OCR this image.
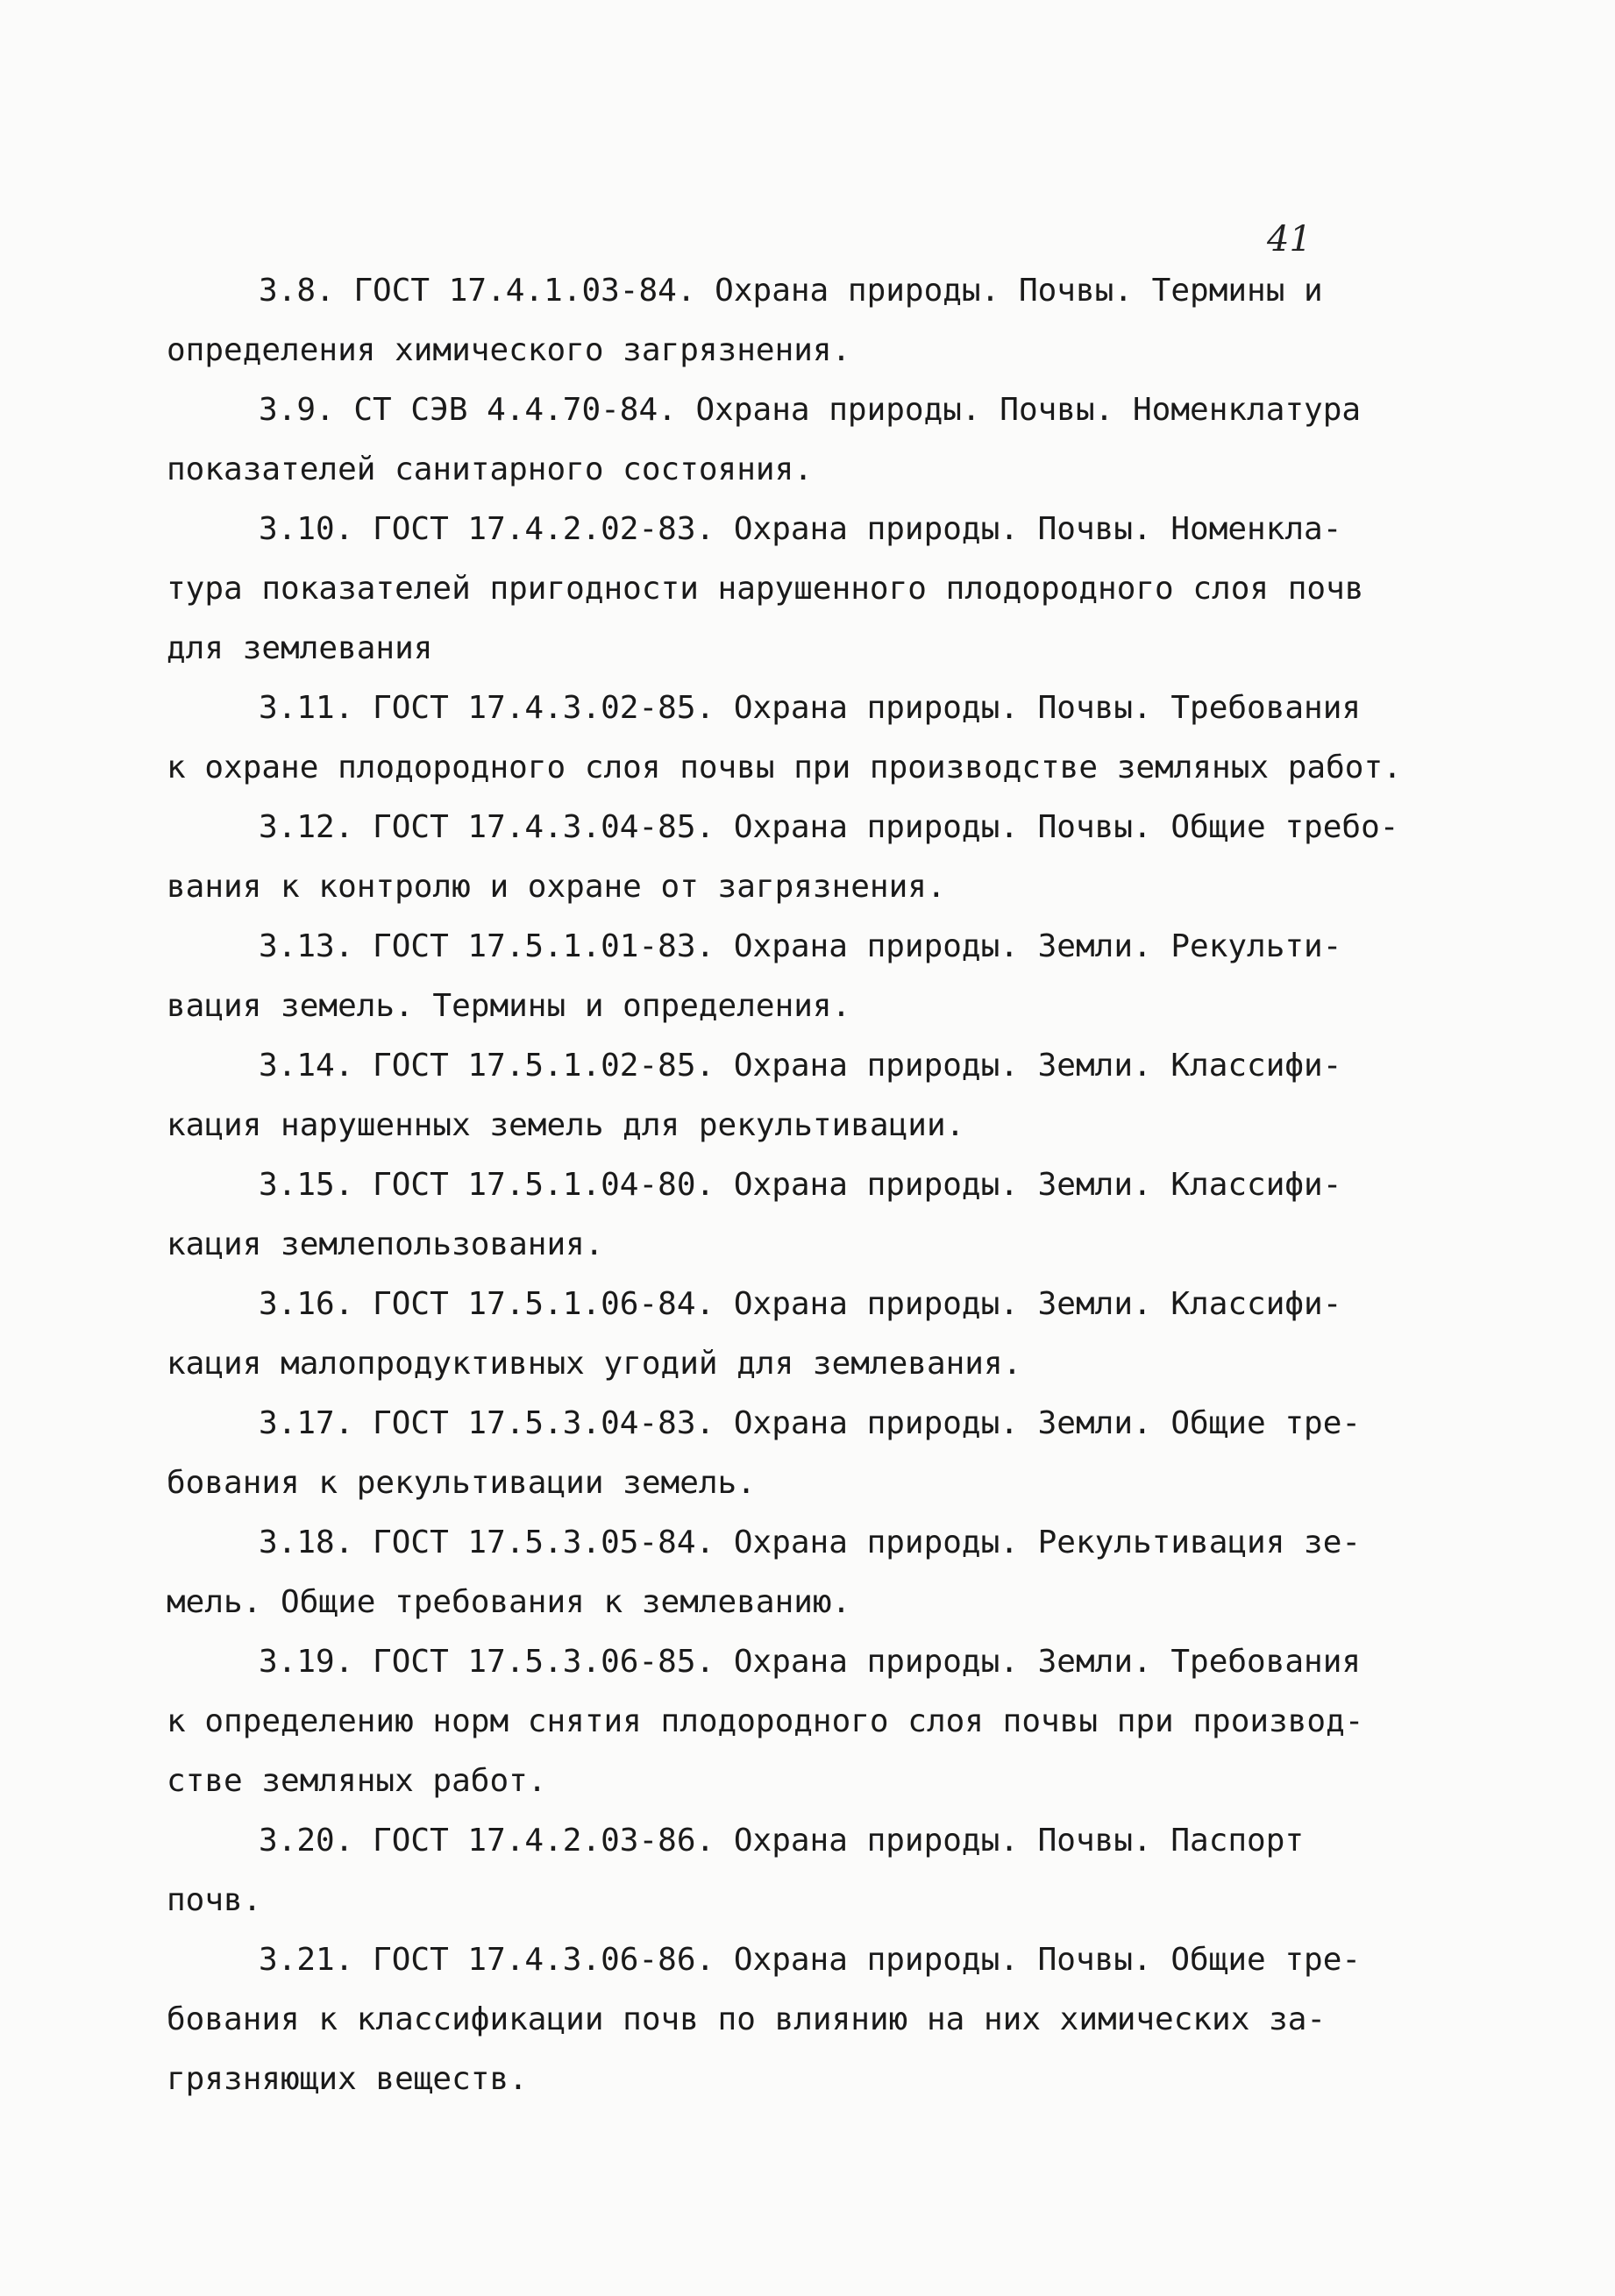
41
3.8. ГОСТ 17.4.1.03-84. Охрана природы. Почвы. Термины и
определения химического загрязнения.
3.9. СТ СЭВ 4.4.70-84. Охрана природы. Почвы. Номенклатура
показателей санитарного состояния.
3.10. ГОСТ 17.4.2.02-83. Охрана природы. Почвы. Номенкла-
тура показателей пригодности нарушенного плодородного слоя почв
для землевания
3.11. ГОСТ 17.4.3.02-85. Охрана природы. Почвы. Требования
к охране плодородного слоя почвы при производстве земляных работ.
3.12. ГОСТ 17.4.3.04-85. Охрана природы. Почвы. Общие требо-
вания к контролю и охране от загрязнения.
3.13. ГОСТ 17.5.1.01-83. Охрана природы. Земли. Рекульти-
вация земель. Термины и определения.
3.14. ГОСТ 17.5.1.02-85. Охрана природы. Земли. Классифи-
кация нарушенных земель для рекультивации.
3.15. ГОСТ 17.5.1.04-80. Охрана природы. Земли. Классифи-
кация землепользования.
3.16. ГОСТ 17.5.1.06-84. Охрана природы. Земли. Классифи-
кация малопродуктивных угодий для землевания.
3.17. ГОСТ 17.5.3.04-83. Охрана природы. Земли. Общие тре-
бования к рекультивации земель.
3.18. ГОСТ 17.5.3.05-84. Охрана природы. Рекультивация зе-
мель. Общие требования к землеванию.
3.19. ГОСТ 17.5.3.06-85. Охрана природы. Земли. Требования
к определению норм снятия плодородного слоя почвы при производ-
стве земляных работ.
3.20. ГОСТ 17.4.2.03-86. Охрана природы. Почвы. Паспорт
почв.
3.21. ГОСТ 17.4.3.06-86. Охрана природы. Почвы. Общие тре-
бования к классификации почв по влиянию на них химических за-
грязняющих веществ.
